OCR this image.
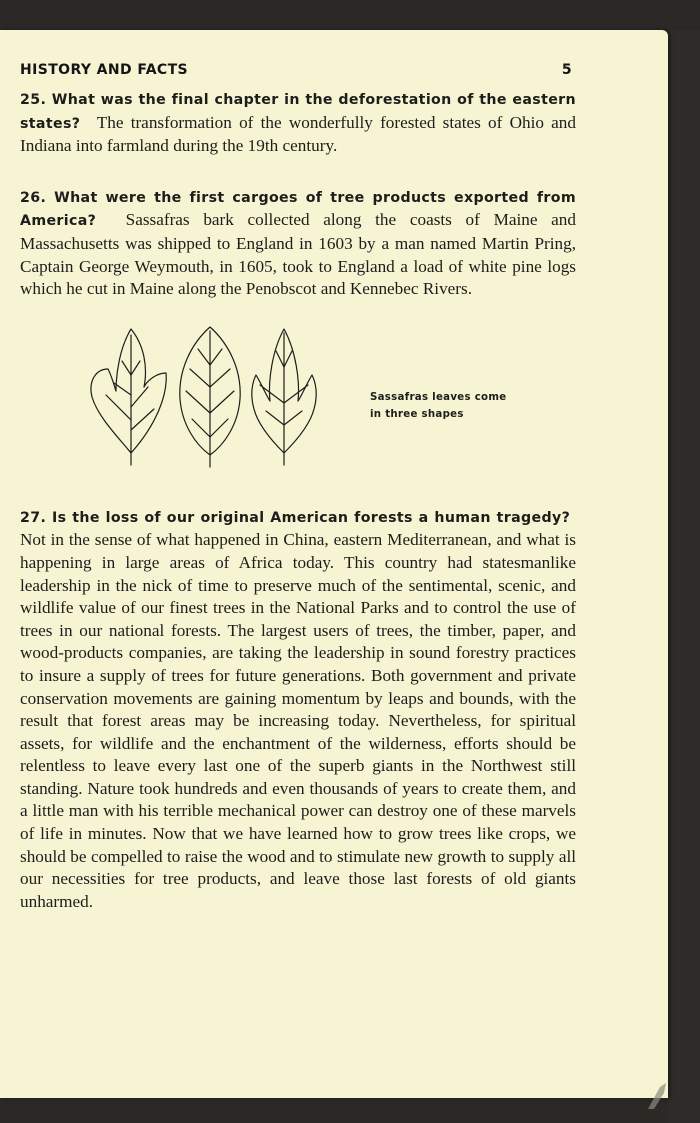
HISTORY AND FACTS	5

25. What was the final chapter in the deforestation of the eastern states?  The transformation of the wonderfully forested states of Ohio and Indiana into farmland during the 19th century.

26. What were the first cargoes of tree products exported from America?  Sassafras bark collected along the coasts of Maine and Massachusetts was shipped to England in 1603 by a man named Martin Pring, Captain George Weymouth, in 1605, took to England a load of white pine logs which he cut in Maine along the Penobscot and Kennebec Rivers.

Sassafras leaves come
in three shapes

27. Is the loss of our original American forests a human tragedy?  Not in the sense of what happened in China, eastern Mediterranean, and what is happening in large areas of Africa today. This country had statesmanlike leadership in the nick of time to preserve much of the sentimental, scenic, and wildlife value of our finest trees in the National Parks and to control the use of trees in our national forests. The largest users of trees, the timber, paper, and wood-products companies, are taking the leadership in sound forestry practices to insure a supply of trees for future generations. Both government and private conservation movements are gaining momentum by leaps and bounds, with the result that forest areas may be increasing today. Nevertheless, for spiritual assets, for wildlife and the enchantment of the wilderness, efforts should be relentless to leave every last one of the superb giants in the Northwest still standing. Nature took hundreds and even thousands of years to create them, and a little man with his terrible mechanical power can destroy one of these marvels of life in minutes. Now that we have learned how to grow trees like crops, we should be compelled to raise the wood and to stimulate new growth to supply all our necessities for tree products, and leave those last forests of old giants unharmed.
